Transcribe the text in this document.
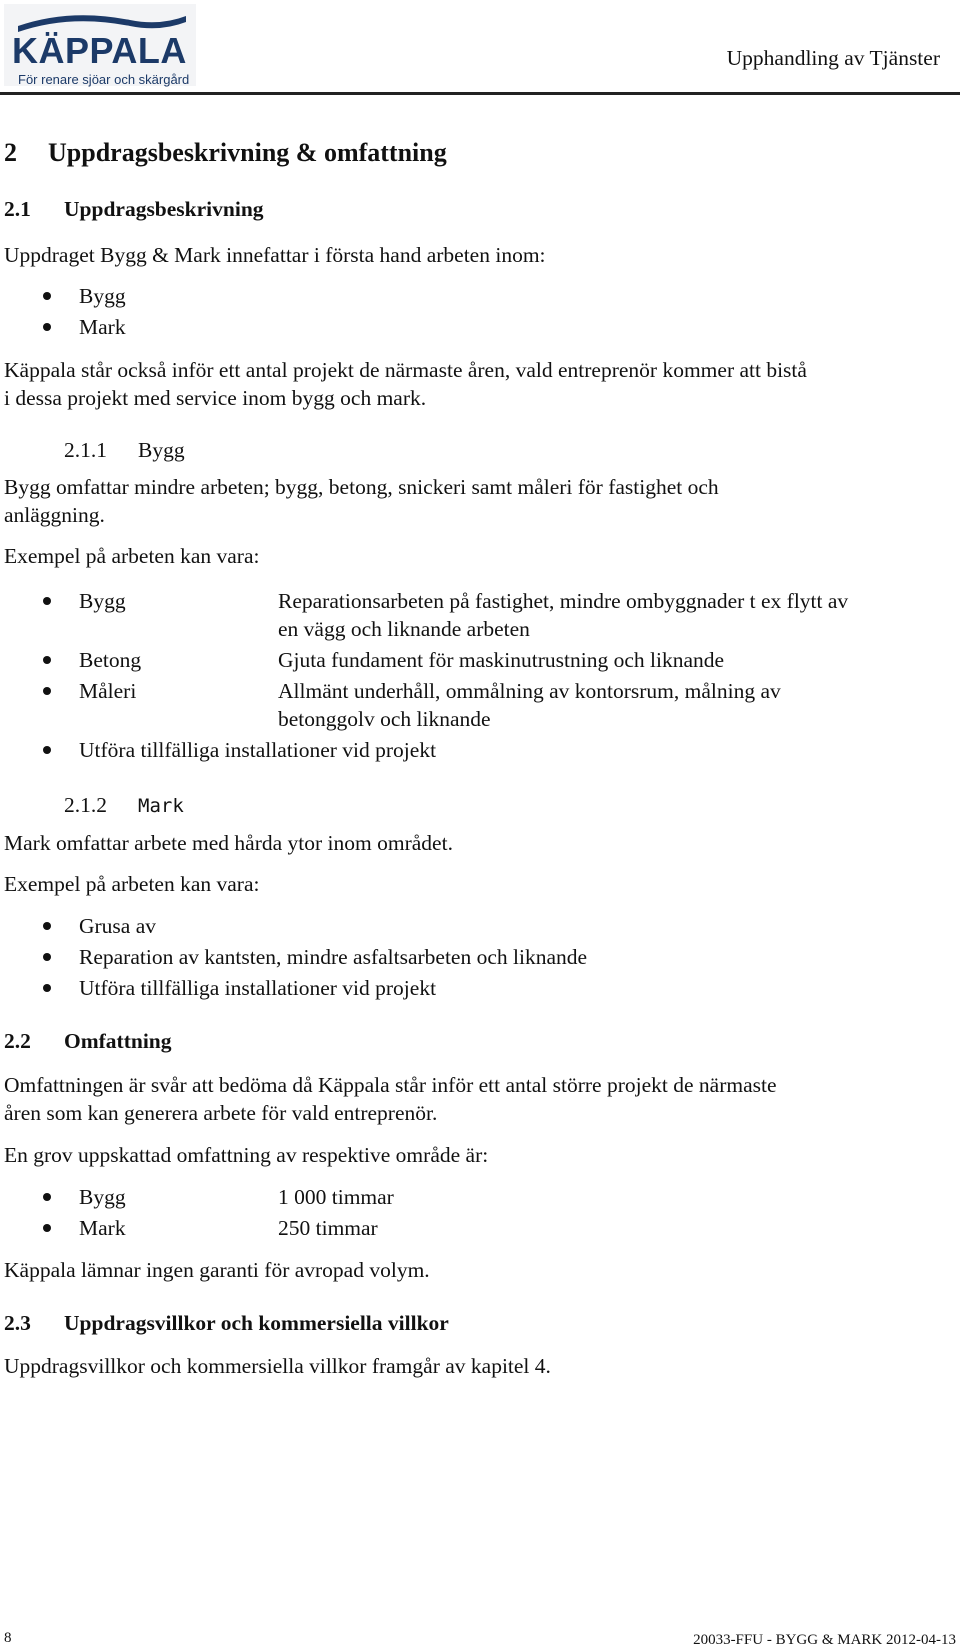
KÄPPALA
För renare sjöar och skärgård
Upphandling av Tjänster
2 Uppdragsbeskrivning & omfattning
2.1 Uppdragsbeskrivning
Uppdraget Bygg & Mark innefattar i första hand arbeten inom:
Bygg
Mark
Käppala står också inför ett antal projekt de närmaste åren, vald entreprenör kommer att bistå
i dessa projekt med service inom bygg och mark.
2.1.1 Bygg
Bygg omfattar mindre arbeten; bygg, betong, snickeri samt måleri för fastighet och
anläggning.
Exempel på arbeten kan vara:
Bygg	Reparationsarbeten på fastighet, mindre ombyggnader t ex flytt av
en vägg och liknande arbeten
Betong	Gjuta fundament för maskinutrustning och liknande
Måleri	Allmänt underhåll, ommålning av kontorsrum, målning av
betonggolv och liknande
Utföra tillfälliga installationer vid projekt
2.1.2 Mark
Mark omfattar arbete med hårda ytor inom området.
Exempel på arbeten kan vara:
Grusa av
Reparation av kantsten, mindre asfaltsarbeten och liknande
Utföra tillfälliga installationer vid projekt
2.2 Omfattning
Omfattningen är svår att bedöma då Käppala står inför ett antal större projekt de närmaste
åren som kan generera arbete för vald entreprenör.
En grov uppskattad omfattning av respektive område är:
Bygg	1 000 timmar
Mark	250 timmar
Käppala lämnar ingen garanti för avropad volym.
2.3 Uppdragsvillkor och kommersiella villkor
Uppdragsvillkor och kommersiella villkor framgår av kapitel 4.
8	20033-FFU - BYGG & MARK 2012-04-13
